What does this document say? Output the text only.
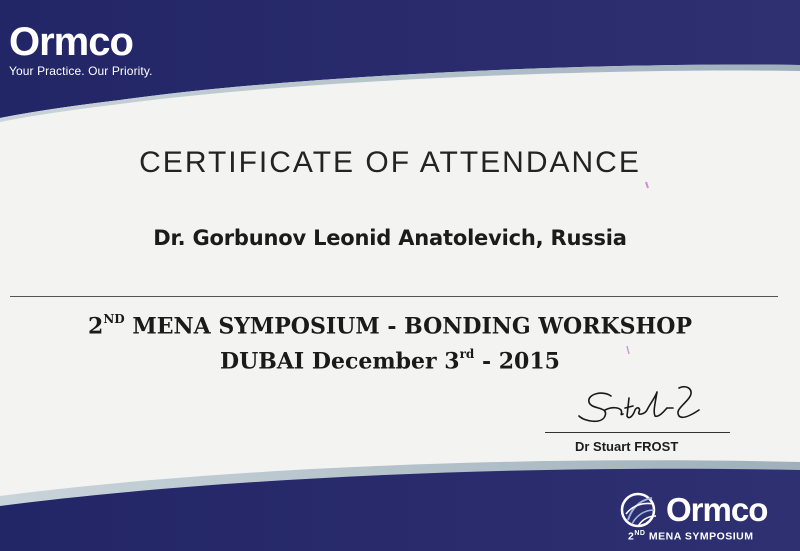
Ormco
Your Practice. Our Priority.
CERTIFICATE OF ATTENDANCE
Dr. Gorbunov Leonid Anatolevich, Russia
2ND MENA SYMPOSIUM - BONDING WORKSHOP
DUBAI December 3rd - 2015
Dr Stuart FROST
Ormco
2ND MENA SYMPOSIUM
